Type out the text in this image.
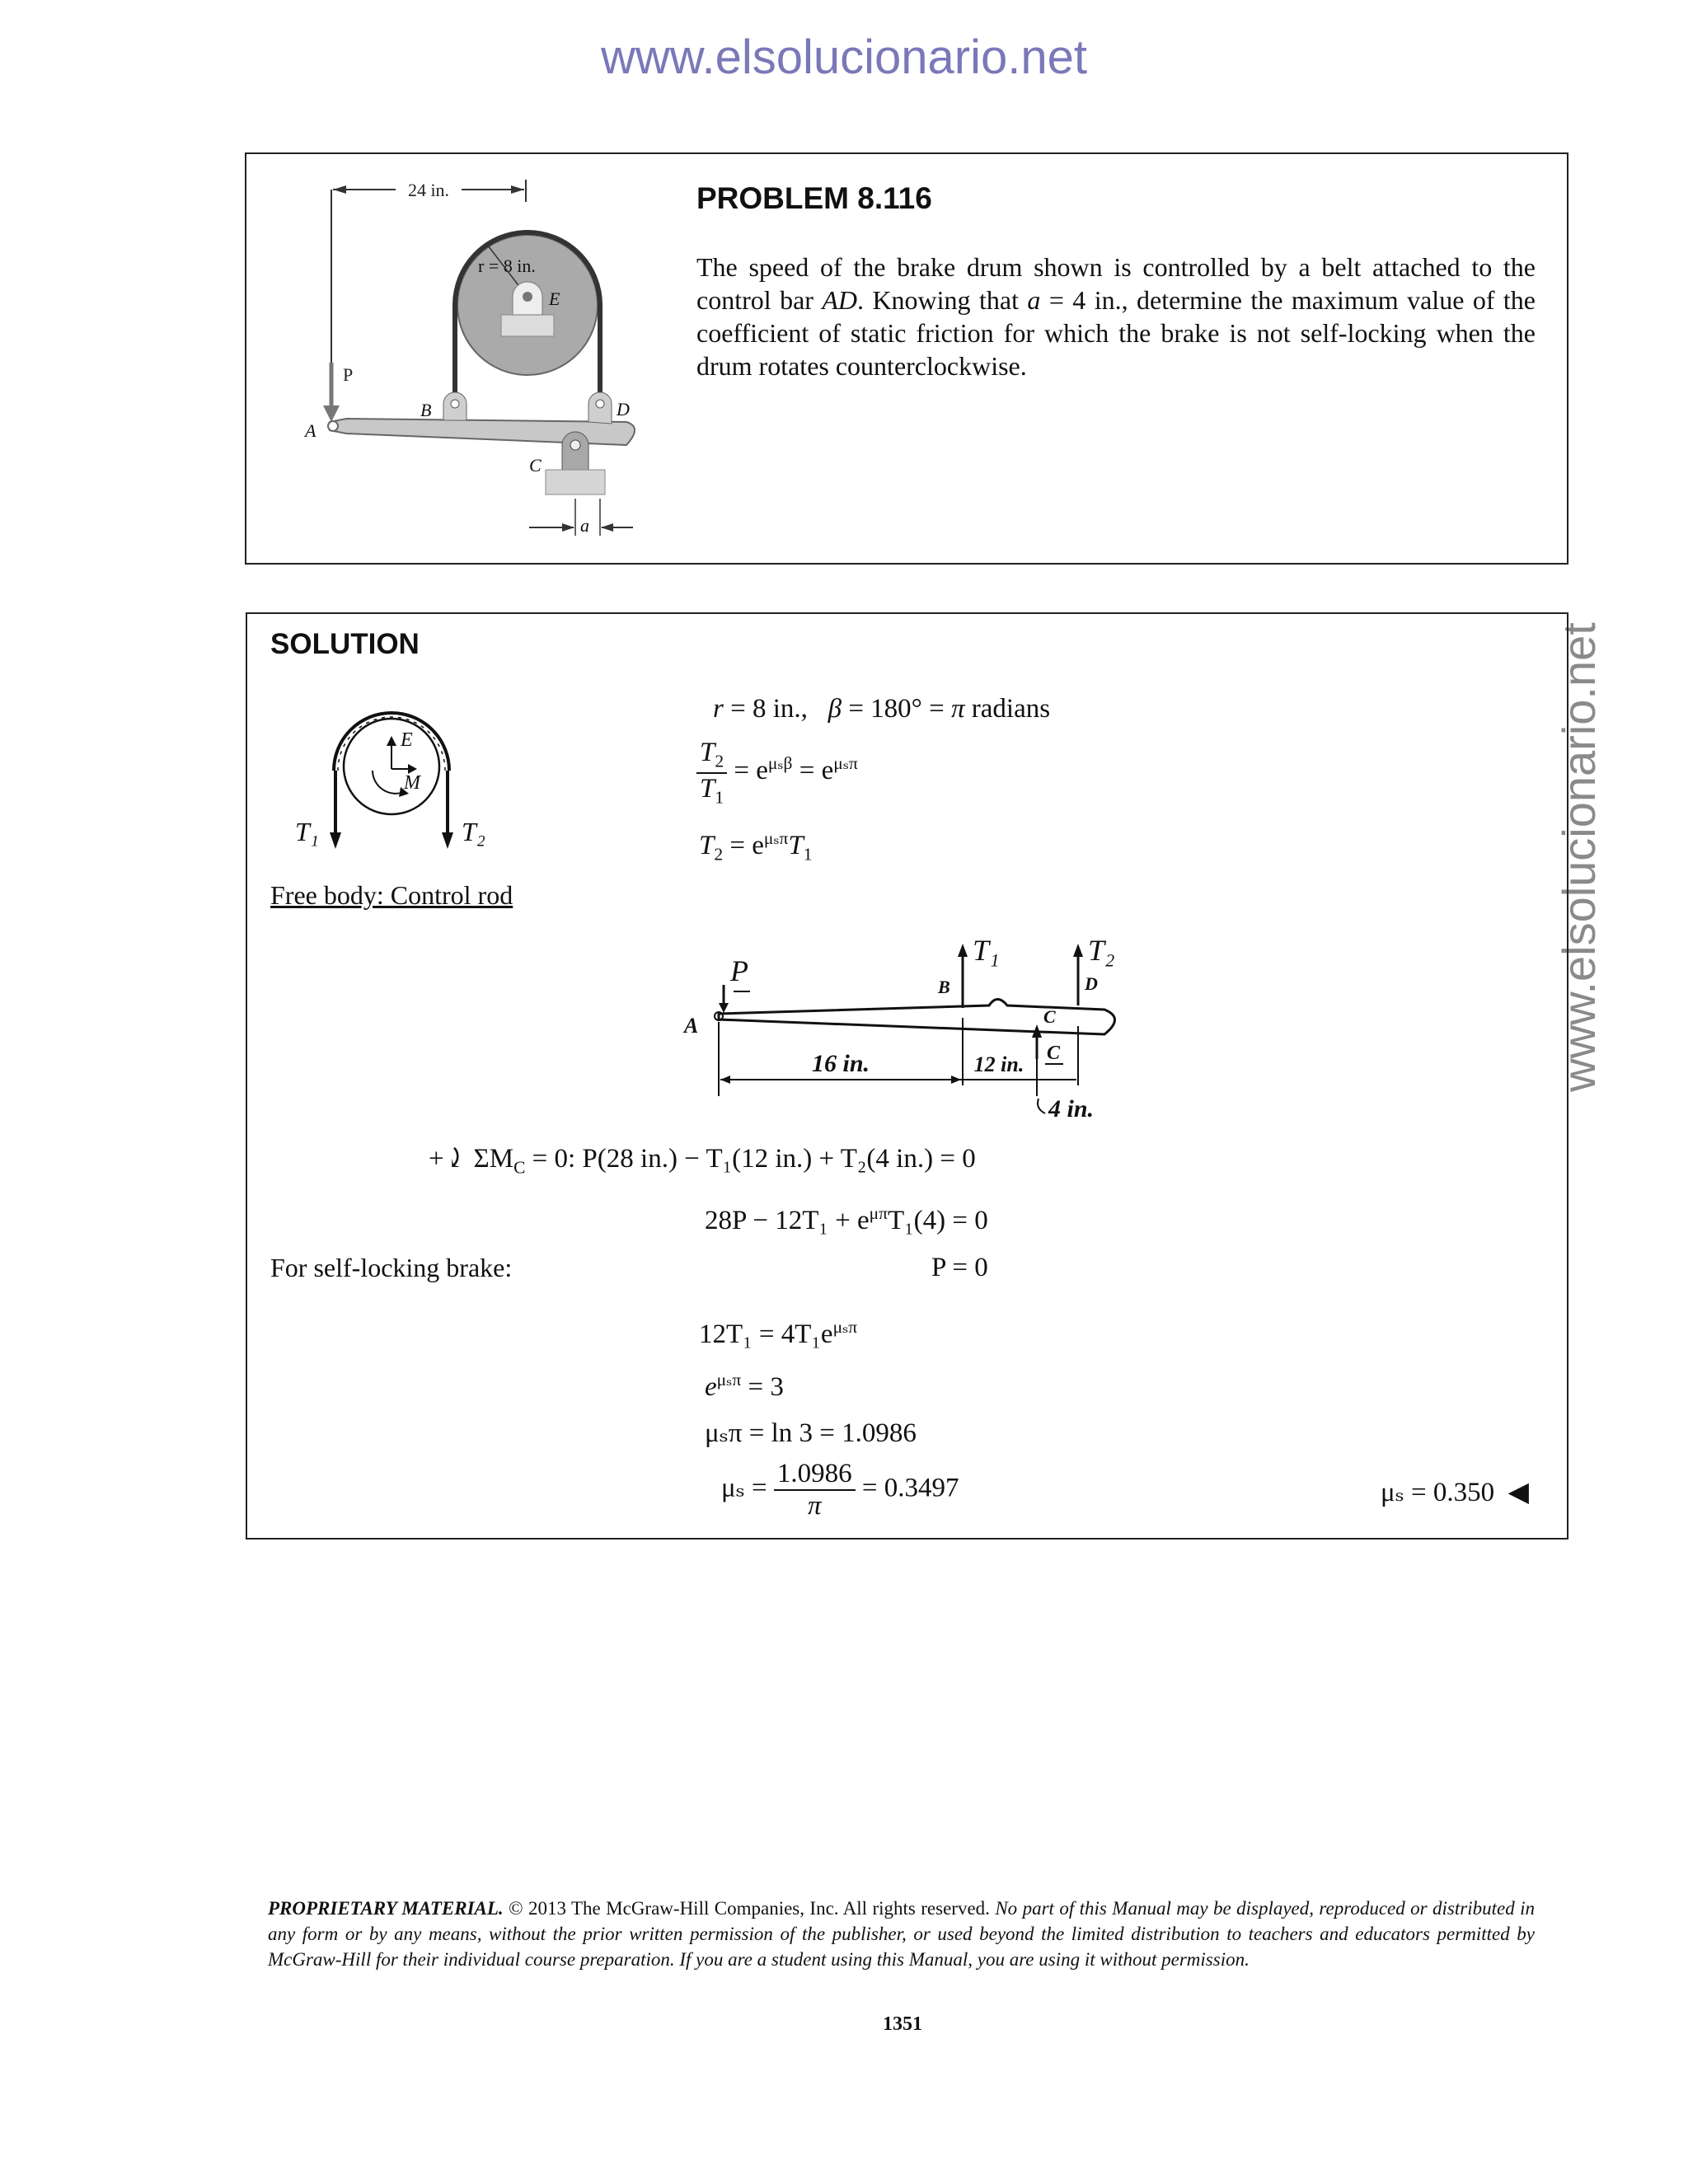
www.elsolucionario.net
www.elsolucionario.net
24 in.
r = 8 in.
E
P
A
B	D
C
a
PROBLEM 8.116
The speed of the brake drum shown is controlled by a belt attached to the control bar AD. Knowing that a = 4 in., determine the maximum value of the coefficient of static friction for which the brake is not self-locking when the drum rotates counterclockwise.
SOLUTION
E
M
T₁	T₂
r = 8 in., β = 180° = π radians
$\frac{T_2}{T_1} = e^{\mu_s\beta} = e^{\mu_s\pi}$
$T_2 = e^{\mu_s\pi}T_1$
Free body: Control rod
P
A
T₁
B
T₂
D
C
C
16 in.	12 in.
4 in.
+⤸ $\Sigma M_C = 0$: P(28 in.) − T₁(12 in.) + T₂(4 in.) = 0
$28P - 12T_1 + e^{\mu\pi}T_1(4) = 0$
For self-locking brake:	P = 0
$12T_1 = 4T_1e^{\mu_s\pi}$
$e^{\mu_s\pi} = 3$
μₛπ = ln 3 = 1.0986
$\mu_s = \frac{1.0986}{\pi} = 0.3497$	μₛ = 0.350 ◀
PROPRIETARY MATERIAL. © 2013 The McGraw-Hill Companies, Inc. All rights reserved. No part of this Manual may be displayed, reproduced or distributed in any form or by any means, without the prior written permission of the publisher, or used beyond the limited distribution to teachers and educators permitted by McGraw-Hill for their individual course preparation. If you are a student using this Manual, you are using it without permission.
1351
